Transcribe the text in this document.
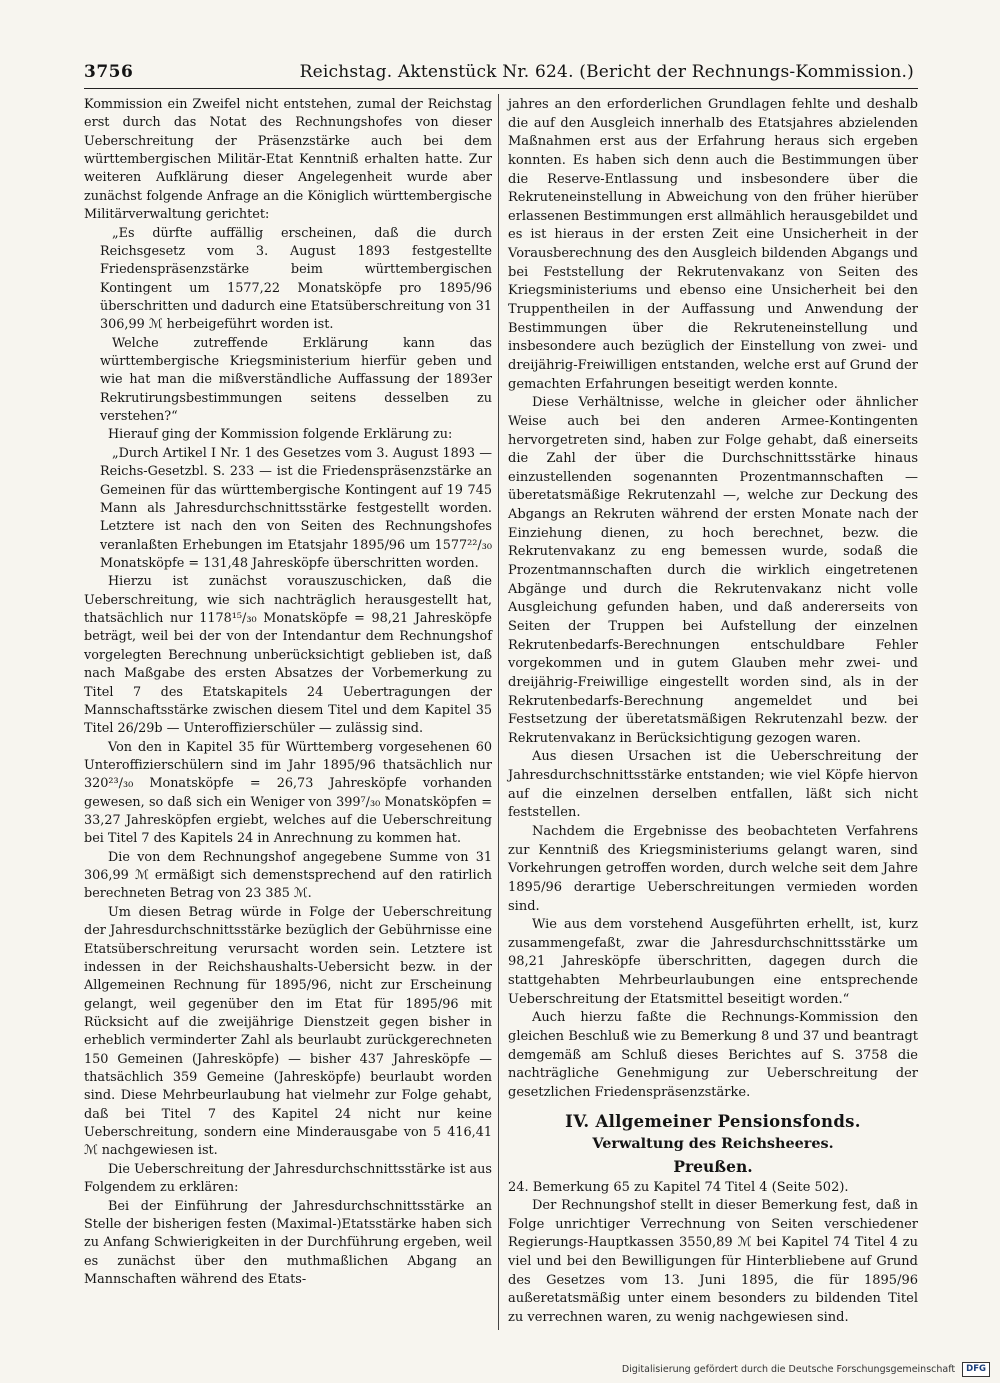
3756	Reichstag. Aktenstück Nr. 624. (Bericht der Rechnungs-Kommission.)

Kommission ein Zweifel nicht entstehen, zumal der Reichstag erst durch das Notat des Rechnungshofes von dieser Ueberschreitung der Präsenzstärke auch bei dem württembergischen Militär-Etat Kenntniß erhalten hatte. Zur weiteren Aufklärung dieser Angelegenheit wurde aber zunächst folgende Anfrage an die Königlich württembergische Militärverwaltung gerichtet:

„Es dürfte auffällig erscheinen, daß die durch Reichsgesetz vom 3. August 1893 festgestellte Friedenspräsenzstärke beim württembergischen Kontingent um 1577,22 Monatsköpfe pro 1895/96 überschritten und dadurch eine Etatsüberschreitung von 31 306,99 ℳ herbeigeführt worden ist.

Welche zutreffende Erklärung kann das württembergische Kriegsministerium hierfür geben und wie hat man die mißverständliche Auffassung der 1893er Rekrutirungsbestimmungen seitens desselben zu verstehen?“

Hierauf ging der Kommission folgende Erklärung zu:

„Durch Artikel I Nr. 1 des Gesetzes vom 3. August 1893 — Reichs-Gesetzbl. S. 233 — ist die Friedenspräsenzstärke an Gemeinen für das württembergische Kontingent auf 19 745 Mann als Jahresdurchschnittsstärke festgestellt worden. Letztere ist nach den von Seiten des Rechnungshofes veranlaßten Erhebungen im Etatsjahr 1895/96 um 1577²²/₃₀ Monatsköpfe = 131,48 Jahresköpfe überschritten worden.

Hierzu ist zunächst vorauszuschicken, daß die Ueberschreitung, wie sich nachträglich herausgestellt hat, thatsächlich nur 1178¹⁵/₃₀ Monatsköpfe = 98,21 Jahresköpfe beträgt, weil bei der von der Intendantur dem Rechnungshof vorgelegten Berechnung unberücksichtigt geblieben ist, daß nach Maßgabe des ersten Absatzes der Vorbemerkung zu Titel 7 des Etatskapitels 24 Uebertragungen der Mannschaftsstärke zwischen diesem Titel und dem Kapitel 35 Titel 26/29b — Unteroffizierschüler — zulässig sind.

Von den in Kapitel 35 für Württemberg vorgesehenen 60 Unteroffizierschülern sind im Jahr 1895/96 thatsächlich nur 320²³/₃₀ Monatsköpfe = 26,73 Jahresköpfe vorhanden gewesen, so daß sich ein Weniger von 399⁷/₃₀ Monatsköpfen = 33,27 Jahresköpfen ergiebt, welches auf die Ueberschreitung bei Titel 7 des Kapitels 24 in Anrechnung zu kommen hat.

Die von dem Rechnungshof angegebene Summe von 31 306,99 ℳ ermäßigt sich demenstsprechend auf den ratirlich berechneten Betrag von 23 385 ℳ.

Um diesen Betrag würde in Folge der Ueberschreitung der Jahresdurchschnittsstärke bezüglich der Gebührnisse eine Etatsüberschreitung verursacht worden sein. Letztere ist indessen in der Reichshaushalts-Uebersicht bezw. in der Allgemeinen Rechnung für 1895/96, nicht zur Erscheinung gelangt, weil gegenüber den im Etat für 1895/96 mit Rücksicht auf die zweijährige Dienstzeit gegen bisher in erheblich verminderter Zahl als beurlaubt zurückgerechneten 150 Gemeinen (Jahresköpfe) — bisher 437 Jahresköpfe — thatsächlich 359 Gemeine (Jahresköpfe) beurlaubt worden sind. Diese Mehrbeurlaubung hat vielmehr zur Folge gehabt, daß bei Titel 7 des Kapitel 24 nicht nur keine Ueberschreitung, sondern eine Minderausgabe von 5 416,41 ℳ nachgewiesen ist.

Die Ueberschreitung der Jahresdurchschnittsstärke ist aus Folgendem zu erklären:

Bei der Einführung der Jahresdurchschnittsstärke an Stelle der bisherigen festen (Maximal-)Etatsstärke haben sich zu Anfang Schwierigkeiten in der Durchführung ergeben, weil es zunächst über den muthmaßlichen Abgang an Mannschaften während des Etats-

jahres an den erforderlichen Grundlagen fehlte und deshalb die auf den Ausgleich innerhalb des Etatsjahres abzielenden Maßnahmen erst aus der Erfahrung heraus sich ergeben konnten. Es haben sich denn auch die Bestimmungen über die Reserve-Entlassung und insbesondere über die Rekruteneinstellung in Abweichung von den früher hierüber erlassenen Bestimmungen erst allmählich herausgebildet und es ist hieraus in der ersten Zeit eine Unsicherheit in der Vorausberechnung des den Ausgleich bildenden Abgangs und bei Feststellung der Rekrutenvakanz von Seiten des Kriegsministeriums und ebenso eine Unsicherheit bei den Truppentheilen in der Auffassung und Anwendung der Bestimmungen über die Rekruteneinstellung und insbesondere auch bezüglich der Einstellung von zwei- und dreijährig-Freiwilligen entstanden, welche erst auf Grund der gemachten Erfahrungen beseitigt werden konnte.

Diese Verhältnisse, welche in gleicher oder ähnlicher Weise auch bei den anderen Armee-Kontingenten hervorgetreten sind, haben zur Folge gehabt, daß einerseits die Zahl der über die Durchschnittsstärke hinaus einzustellenden sogenannten Prozentmannschaften — überetatsmäßige Rekrutenzahl —, welche zur Deckung des Abgangs an Rekruten während der ersten Monate nach der Einziehung dienen, zu hoch berechnet, bezw. die Rekrutenvakanz zu eng bemessen wurde, sodaß die Prozentmannschaften durch die wirklich eingetretenen Abgänge und durch die Rekrutenvakanz nicht volle Ausgleichung gefunden haben, und daß andererseits von Seiten der Truppen bei Aufstellung der einzelnen Rekrutenbedarfs-Berechnungen entschuldbare Fehler vorgekommen und in gutem Glauben mehr zwei- und dreijährig-Freiwillige eingestellt worden sind, als in der Rekrutenbedarfs-Berechnung angemeldet und bei Festsetzung der überetatsmäßigen Rekrutenzahl bezw. der Rekrutenvakanz in Berücksichtigung gezogen waren.

Aus diesen Ursachen ist die Ueberschreitung der Jahresdurchschnittsstärke entstanden; wie viel Köpfe hiervon auf die einzelnen derselben entfallen, läßt sich nicht feststellen.

Nachdem die Ergebnisse des beobachteten Verfahrens zur Kenntniß des Kriegsministeriums gelangt waren, sind Vorkehrungen getroffen worden, durch welche seit dem Jahre 1895/96 derartige Ueberschreitungen vermieden worden sind.

Wie aus dem vorstehend Ausgeführten erhellt, ist, kurz zusammengefaßt, zwar die Jahresdurchschnittsstärke um 98,21 Jahresköpfe überschritten, dagegen durch die stattgehabten Mehrbeurlaubungen eine entsprechende Ueberschreitung der Etatsmittel beseitigt worden.“

Auch hierzu faßte die Rechnungs-Kommission den gleichen Beschluß wie zu Bemerkung 8 und 37 und beantragt demgemäß am Schluß dieses Berichtes auf S. 3758 die nachträgliche Genehmigung zur Ueberschreitung der gesetzlichen Friedenspräsenzstärke.

IV. Allgemeiner Pensionsfonds.
Verwaltung des Reichsheeres.
Preußen.

24. Bemerkung 65 zu Kapitel 74 Titel 4 (Seite 502).

Der Rechnungshof stellt in dieser Bemerkung fest, daß in Folge unrichtiger Verrechnung von Seiten verschiedener Regierungs-Hauptkassen 3550,89 ℳ bei Kapitel 74 Titel 4 zu viel und bei den Bewilligungen für Hinterbliebene auf Grund des Gesetzes vom 13. Juni 1895, die für 1895/96 außeretatsmäßig unter einem besonders zu bildenden Titel zu verrechnen waren, zu wenig nachgewiesen sind.

Digitalisierung gefördert durch die Deutsche Forschungsgemeinschaft DFG
